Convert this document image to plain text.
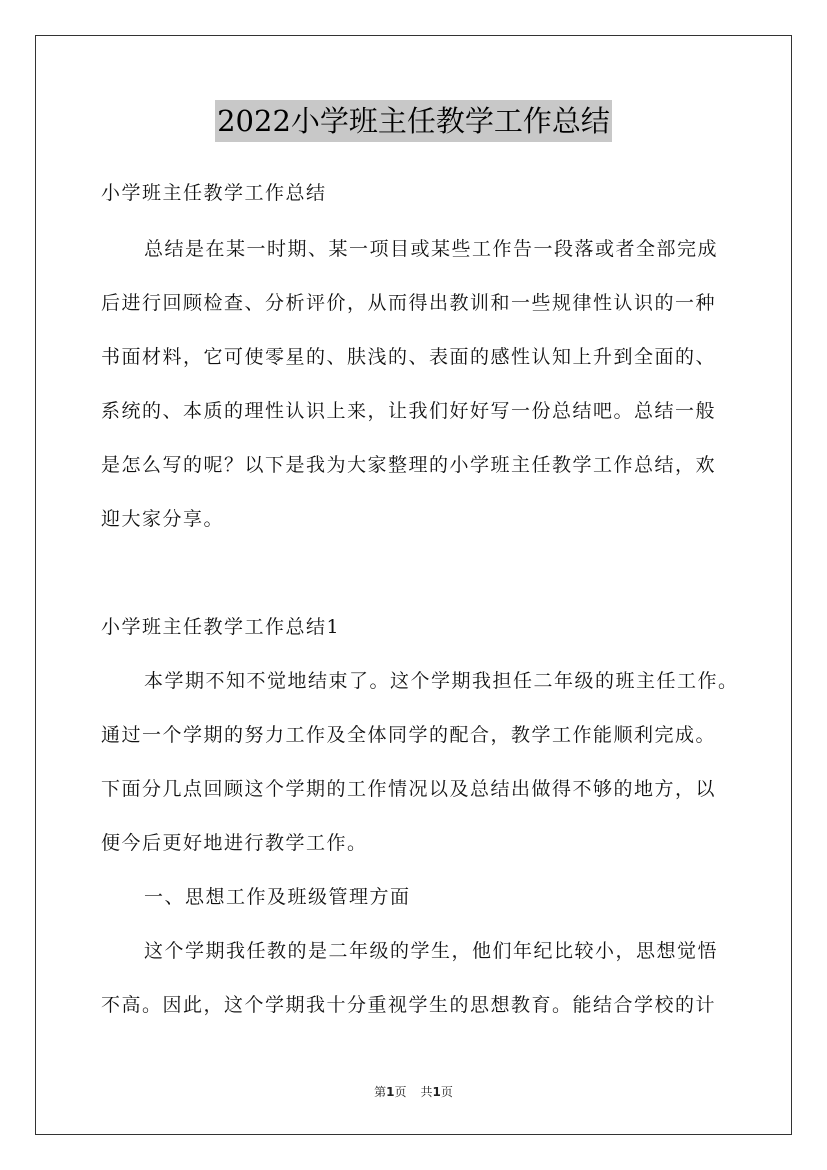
2022小学班主任教学工作总结
小学班主任教学工作总结
总结是在某一时期、某一项目或某些工作告一段落或者全部完成
后进行回顾检查、分析评价，从而得出教训和一些规律性认识的一种
书面材料，它可使零星的、肤浅的、表面的感性认知上升到全面的、
系统的、本质的理性认识上来，让我们好好写一份总结吧。总结一般
是怎么写的呢？以下是我为大家整理的小学班主任教学工作总结，欢
迎大家分享。
小学班主任教学工作总结1
本学期不知不觉地结束了。这个学期我担任二年级的班主任工作。
通过一个学期的努力工作及全体同学的配合，教学工作能顺利完成。
下面分几点回顾这个学期的工作情况以及总结出做得不够的地方，以
便今后更好地进行教学工作。
一、思想工作及班级管理方面
这个学期我任教的是二年级的学生，他们年纪比较小，思想觉悟
不高。因此，这个学期我十分重视学生的思想教育。能结合学校的计
第1页 共1页
